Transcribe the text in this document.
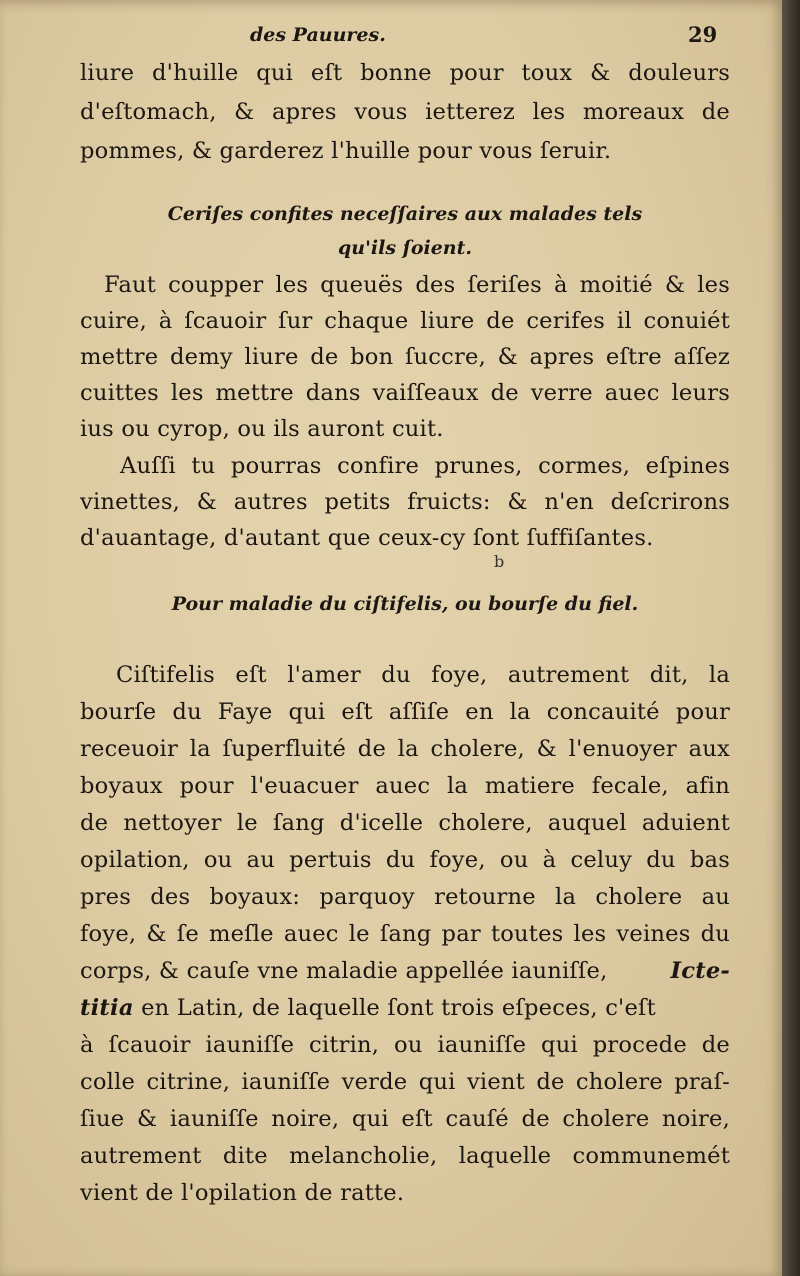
des Pauures.	29
liure d'huille qui eſt bonne pour toux & douleurs
d'eſtomach, & apres vous ietterez les moreaux de
pommes, & garderez l'huille pour vous ſeruir.
Ceriſes confites neceſſaires aux malades tels
qu'ils ſoient.
Faut coupper les queuës des ſeriſes à moitié & les
cuire, à ſcauoir ſur chaque liure de cerifes il conuiét
mettre demy liure de bon ſuccre, & apres eſtre aſſez
cuittes les mettre dans vaiſſeaux de verre auec leurs
ius ou cyrop, ou ils auront cuit.
Auſſi tu pourras confire prunes, cormes, eſpines
vinettes, & autres petits fruicts: & n'en deſcrirons
d'auantage, d'autant que ceux-cy ſont ſuffiſantes.
Pour maladie du ciſtifelis, ou bourſe du fiel.
Ciſtifelis eſt l'amer du foye, autrement dit, la
bourſe du Faye qui eſt aſſiſe en la concauité pour
receuoir la ſuperfluité de la cholere, & l'enuoyer aux
boyaux pour l'euacuer auec la matiere fecale, afin
de nettoyer le ſang d'icelle cholere, auquel aduient
opilation, ou au pertuis du foye, ou à celuy du bas
pres des boyaux: parquoy retourne la cholere au
foye, & ſe meſle auec le ſang par toutes les veines du
corps, & cauſe vne maladie appellée iauniſſe,	Icte-
titia en Latin, de laquelle ſont trois eſpeces, c'eſt
à ſcauoir iauniſſe citrin, ou iauniſſe qui procede de
colle citrine, iauniſſe verde qui vient de cholere praſ-
ſiue & iauniſſe noire, qui eſt cauſé de cholere noire,
autrement dite melancholie, laquelle communemét
vient de l'opilation de ratte.
b
